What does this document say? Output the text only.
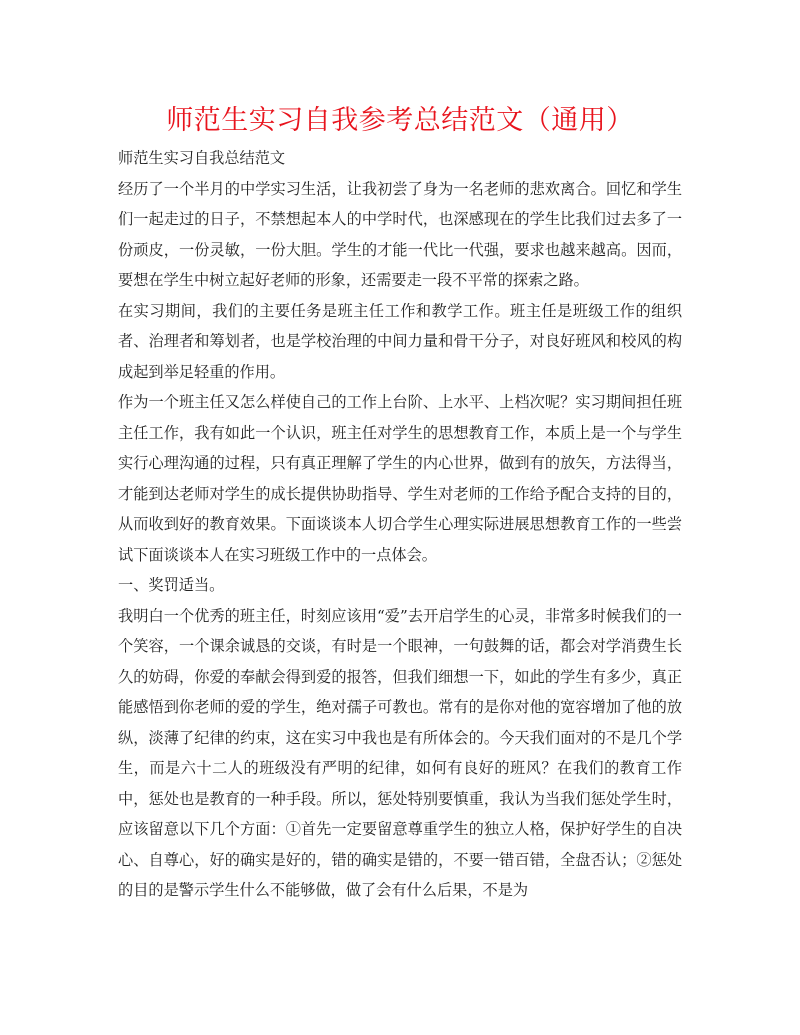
师范生实习自我参考总结范文（通用）

师范生实习自我总结范文

经历了一个半月的中学实习生活，让我初尝了身为一名老师的悲欢离合。回忆和学生们一起走过的日子，不禁想起本人的中学时代，也深感现在的学生比我们过去多了一份顽皮，一份灵敏，一份大胆。学生的才能一代比一代强，要求也越来越高。因而，要想在学生中树立起好老师的形象，还需要走一段不平常的探索之路。

在实习期间，我们的主要任务是班主任工作和教学工作。班主任是班级工作的组织者、治理者和筹划者，也是学校治理的中间力量和骨干分子，对良好班风和校风的构成起到举足轻重的作用。

作为一个班主任又怎么样使自己的工作上台阶、上水平、上档次呢？实习期间担任班主任工作，我有如此一个认识，班主任对学生的思想教育工作，本质上是一个与学生实行心理沟通的过程，只有真正理解了学生的内心世界，做到有的放矢，方法得当，才能到达老师对学生的成长提供协助指导、学生对老师的工作给予配合支持的目的，从而收到好的教育效果。下面谈谈本人切合学生心理实际进展思想教育工作的一些尝试下面谈谈本人在实习班级工作中的一点体会。

一、奖罚适当。

我明白一个优秀的班主任，时刻应该用“爱”去开启学生的心灵，非常多时候我们的一个笑容，一个课余诚恳的交谈，有时是一个眼神，一句鼓舞的话，都会对学消费生长久的妨碍，你爱的奉献会得到爱的报答，但我们细想一下，如此的学生有多少，真正能感悟到你老师的爱的学生，绝对孺子可教也。常有的是你对他的宽容增加了他的放纵，淡薄了纪律的约束，这在实习中我也是有所体会的。今天我们面对的不是几个学生，而是六十二人的班级没有严明的纪律，如何有良好的班风？在我们的教育工作中，惩处也是教育的一种手段。所以，惩处特别要慎重，我认为当我们惩处学生时，应该留意以下几个方面：①首先一定要留意尊重学生的独立人格，保护好学生的自决心、自尊心，好的确实是好的，错的确实是错的，不要一错百错，全盘否认；②惩处的目的是警示学生什么不能够做，做了会有什么后果，不是为
